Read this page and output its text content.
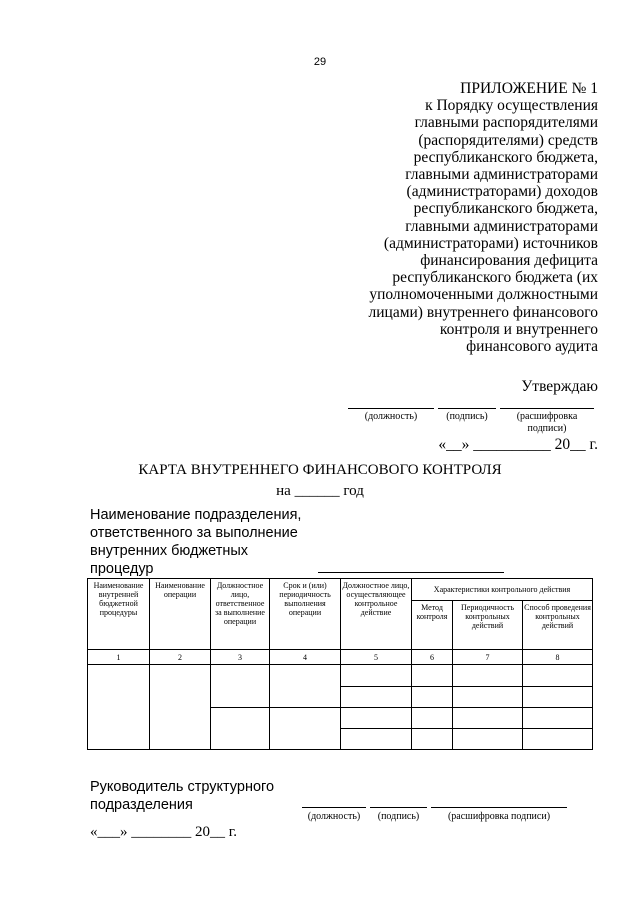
29
ПРИЛОЖЕНИЕ № 1
к Порядку осуществления
главными распорядителями
(распорядителями) средств
республиканского бюджета,
главными администраторами
(администраторами) доходов
республиканского бюджета,
главными администраторами
(администраторами) источников
финансирования дефицита
республиканского бюджета (их
уполномоченными должностными
лицами) внутреннего финансового
контроля и внутреннего
финансового аудита
Утверждаю
(должность)	(подпись)	(расшифровка
подписи)
«__» __________ 20__ г.
КАРТА ВНУТРЕННЕГО ФИНАНСОВОГО КОНТРОЛЯ
на ______ год
Наименование подразделения, ответственного за выполнение внутренних бюджетных процедур
Наименование внутренней бюджетной процедуры	Наименование операции	Должностное лицо, ответственное за выполнение операции	Срок и (или) периодичность выполнения операции	Должностное лицо, осуществляющее контрольное действие	Характеристики контрольного действия		
					Метод контроля	Периодичность контрольных действий	Способ проведения контрольных действий
1	2	3	4	5	6	7	8

Руководитель структурного
подразделения
(должность)	(подпись)	(расшифровка подписи)
«___» ________ 20__ г.
